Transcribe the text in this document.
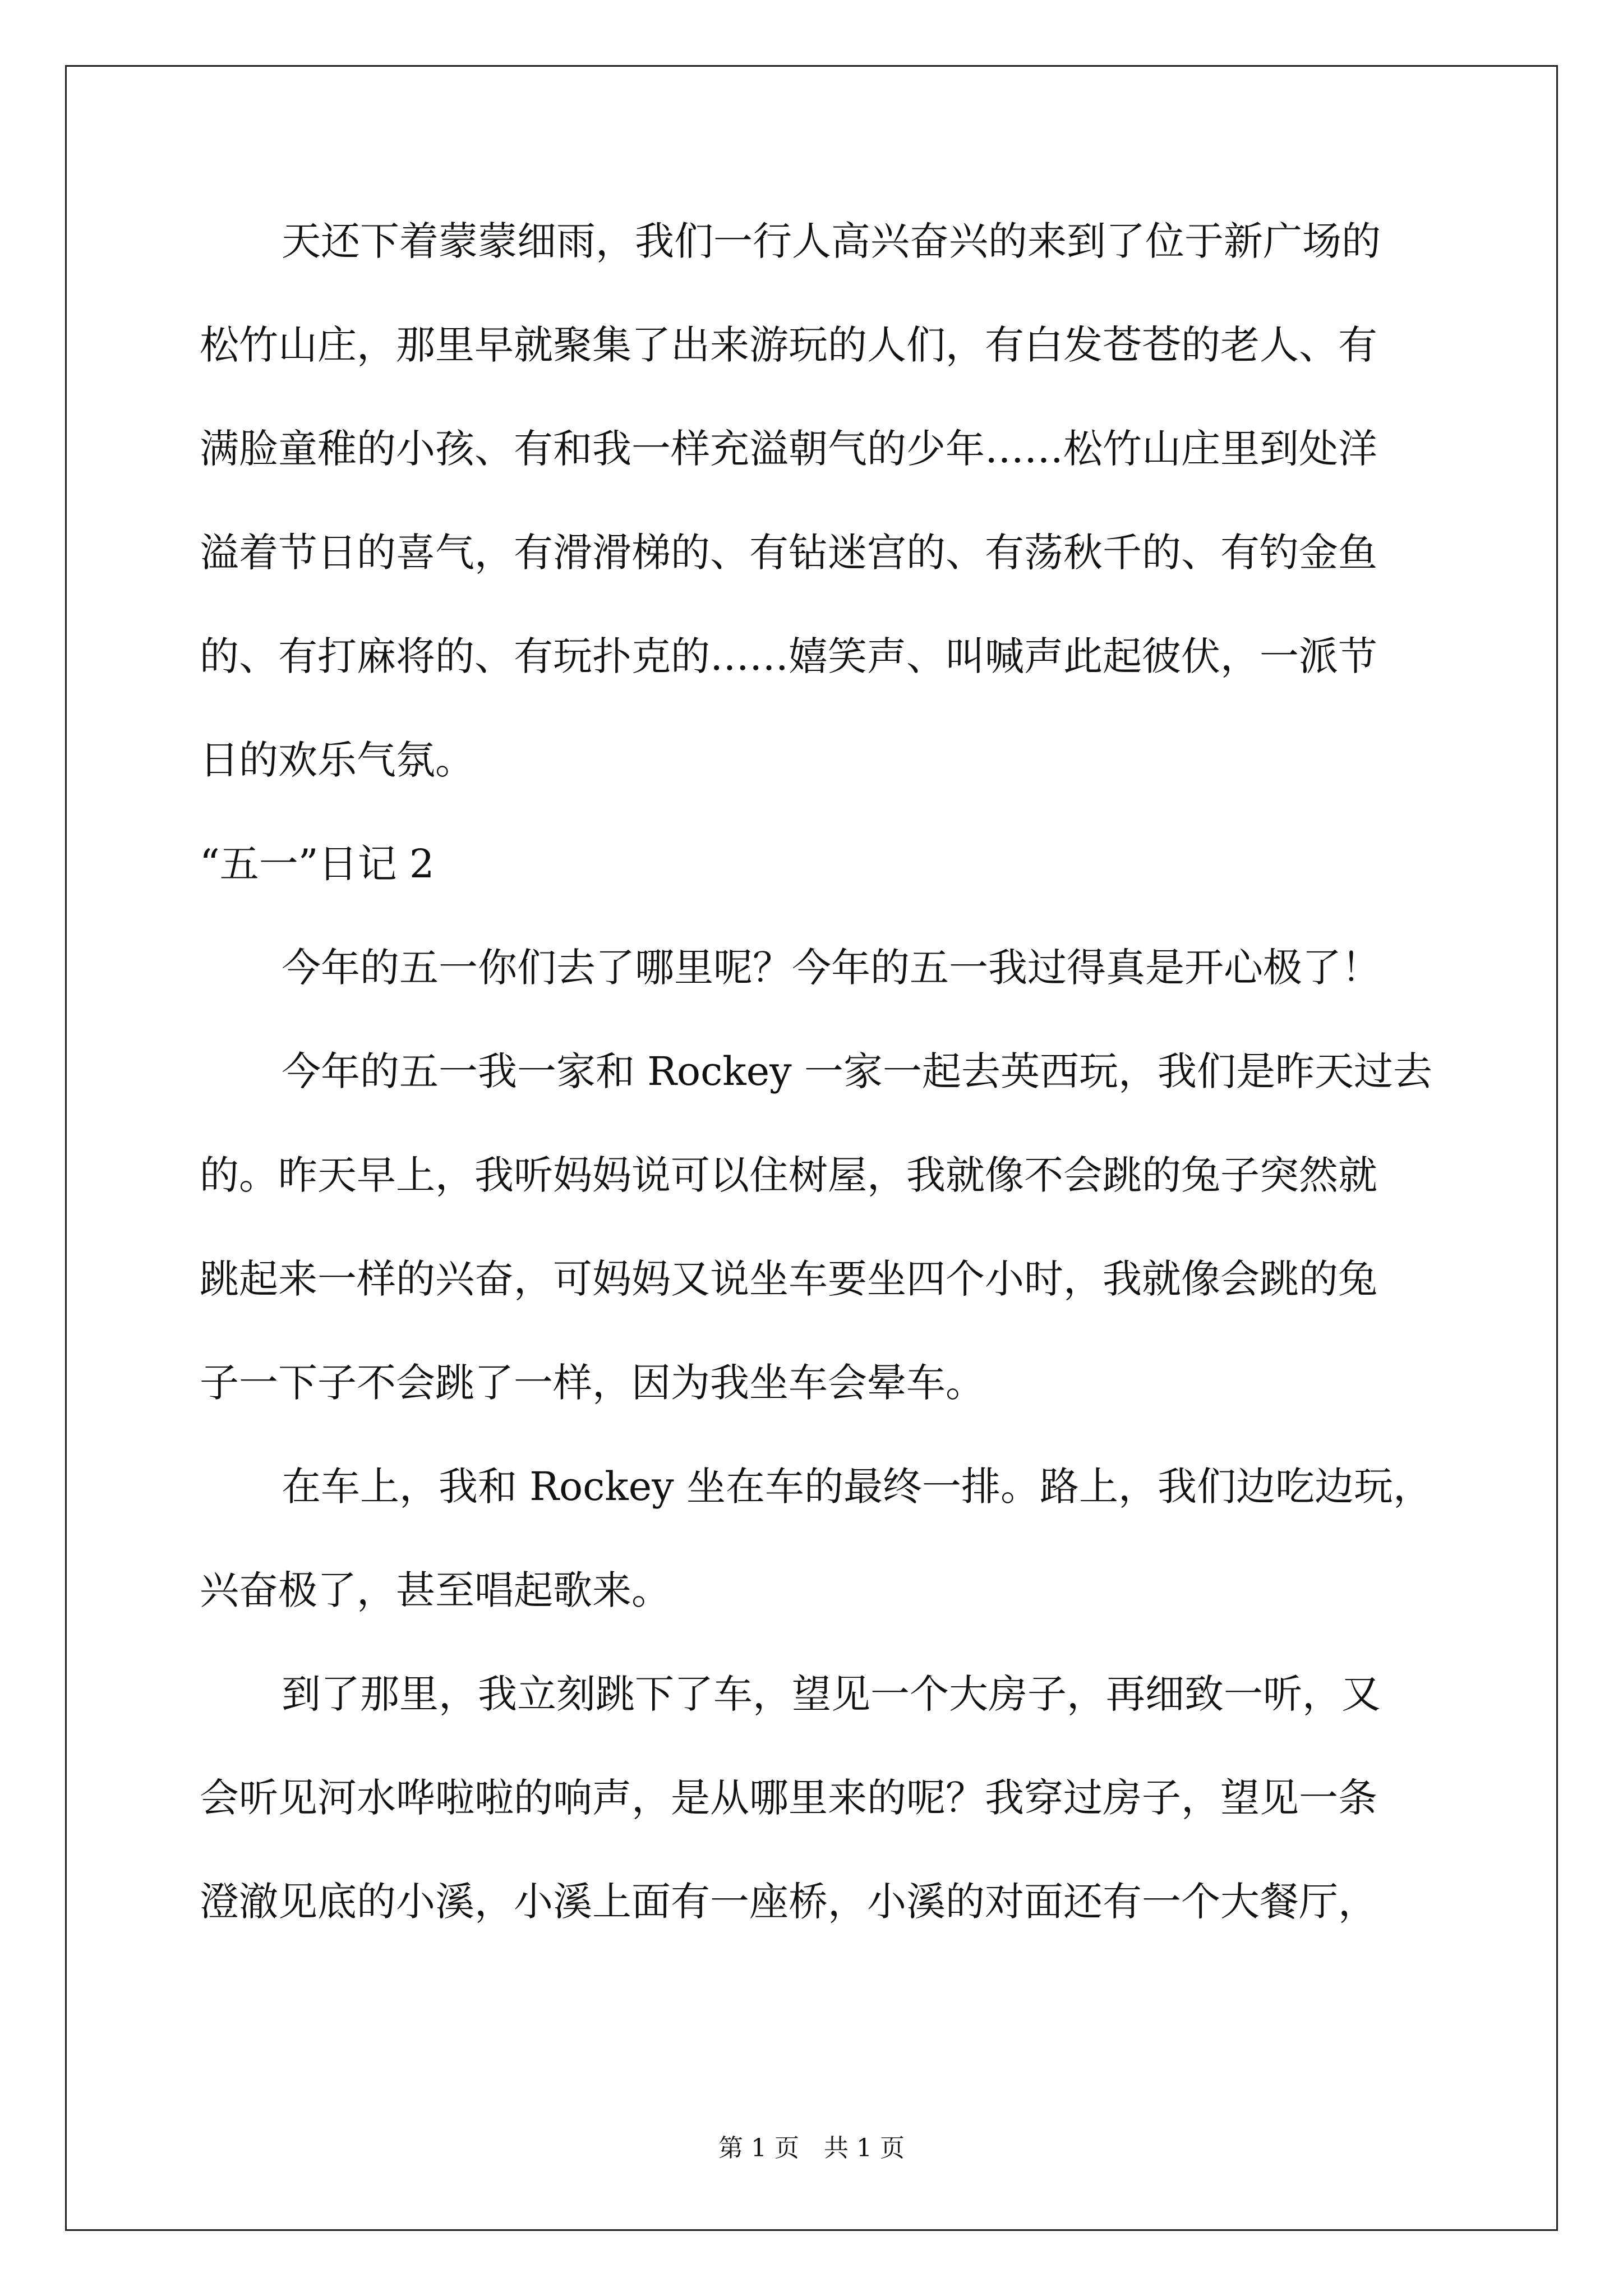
天还下着蒙蒙细雨，我们一行人高兴奋兴的来到了位于新广场的
松竹山庄，那里早就聚集了出来游玩的人们，有白发苍苍的老人、有
满脸童稚的小孩、有和我一样充溢朝气的少年……松竹山庄里到处洋
溢着节日的喜气，有滑滑梯的、有钻迷宫的、有荡秋千的、有钓金鱼
的、有打麻将的、有玩扑克的……嬉笑声、叫喊声此起彼伏，一派节
日的欢乐气氛。
“五一”日记 2
今年的五一你们去了哪里呢？今年的五一我过得真是开心极了！
今年的五一我一家和 Rockey 一家一起去英西玩，我们是昨天过去
的。昨天早上，我听妈妈说可以住树屋，我就像不会跳的兔子突然就
跳起来一样的兴奋，可妈妈又说坐车要坐四个小时，我就像会跳的兔
子一下子不会跳了一样，因为我坐车会晕车。
在车上，我和 Rockey 坐在车的最终一排。路上，我们边吃边玩，
兴奋极了，甚至唱起歌来。
到了那里，我立刻跳下了车，望见一个大房子，再细致一听，又
会听见河水哗啦啦的响声，是从哪里来的呢？我穿过房子，望见一条
澄澈见底的小溪，小溪上面有一座桥，小溪的对面还有一个大餐厅，
第 1 页　共 1 页
